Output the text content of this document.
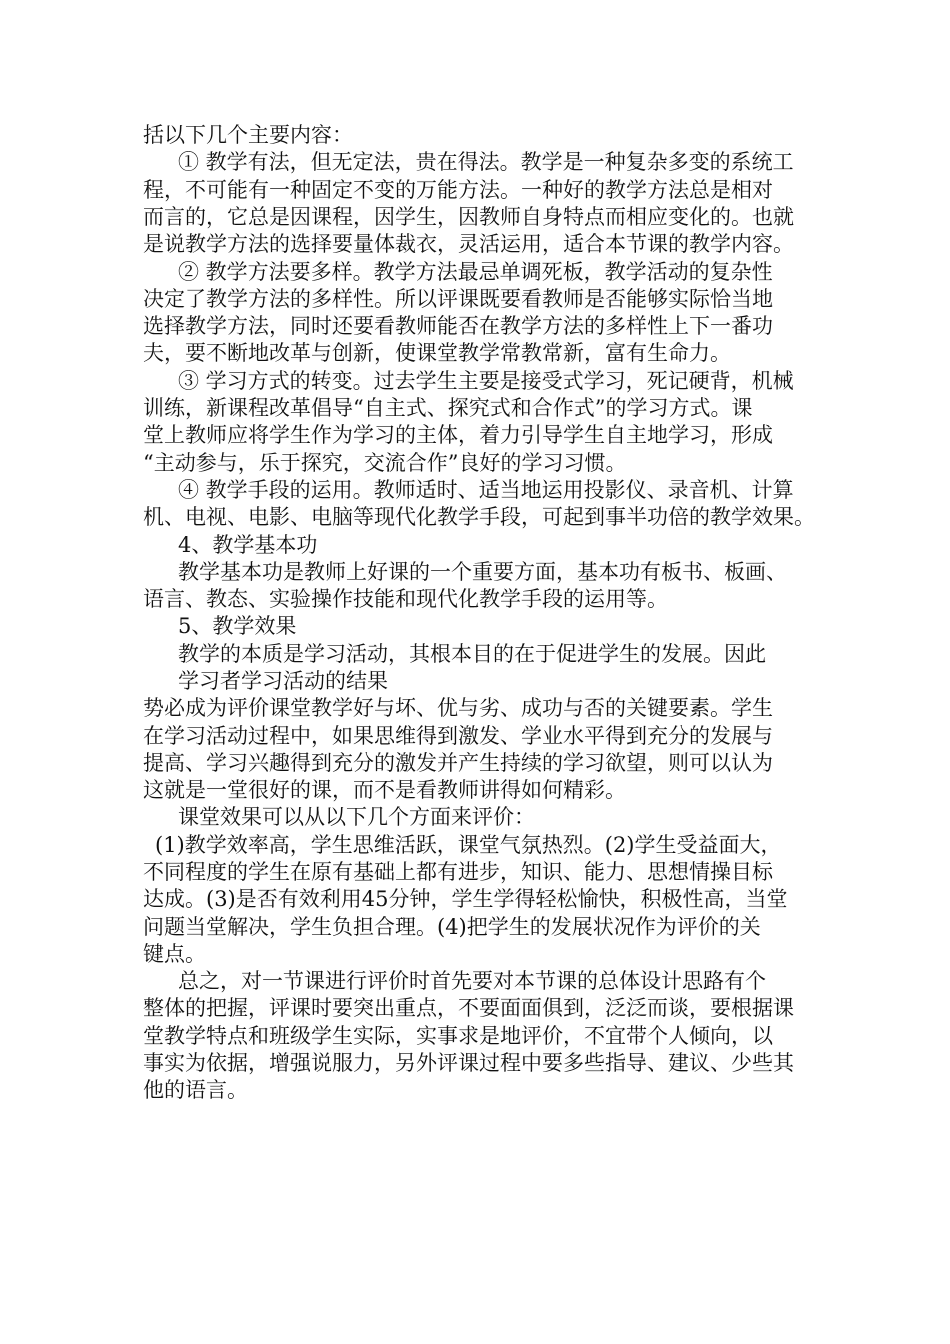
括以下几个主要内容：
① 教学有法，但无定法，贵在得法。教学是一种复杂多变的系统工
程，不可能有一种固定不变的万能方法。一种好的教学方法总是相对
而言的，它总是因课程，因学生，因教师自身特点而相应变化的。也就
是说教学方法的选择要量体裁衣，灵活运用，适合本节课的教学内容。
② 教学方法要多样。教学方法最忌单调死板，教学活动的复杂性
决定了教学方法的多样性。所以评课既要看教师是否能够实际恰当地
选择教学方法，同时还要看教师能否在教学方法的多样性上下一番功
夫，要不断地改革与创新，使课堂教学常教常新，富有生命力。
③ 学习方式的转变。过去学生主要是接受式学习，死记硬背，机械
训练，新课程改革倡导“自主式、探究式和合作式”的学习方式。课
堂上教师应将学生作为学习的主体，着力引导学生自主地学习，形成
“主动参与，乐于探究，交流合作”良好的学习习惯。
④ 教学手段的运用。教师适时、适当地运用投影仪、录音机、计算
机、电视、电影、电脑等现代化教学手段，可起到事半功倍的教学效果。
4、教学基本功
教学基本功是教师上好课的一个重要方面，基本功有板书、板画、
语言、教态、实验操作技能和现代化教学手段的运用等。
5、教学效果
教学的本质是学习活动，其根本目的在于促进学生的发展。因此
学习者学习活动的结果
势必成为评价课堂教学好与坏、优与劣、成功与否的关键要素。学生
在学习活动过程中，如果思维得到激发、学业水平得到充分的发展与
提高、学习兴趣得到充分的激发并产生持续的学习欲望，则可以认为
这就是一堂很好的课，而不是看教师讲得如何精彩。
课堂效果可以从以下几个方面来评价：
(1)教学效率高，学生思维活跃，课堂气氛热烈。(2)学生受益面大，
不同程度的学生在原有基础上都有进步，知识、能力、思想情操目标
达成。(3)是否有效利用45分钟，学生学得轻松愉快，积极性高，当堂
问题当堂解决，学生负担合理。(4)把学生的发展状况作为评价的关
键点。
总之，对一节课进行评价时首先要对本节课的总体设计思路有个
整体的把握，评课时要突出重点，不要面面俱到，泛泛而谈，要根据课
堂教学特点和班级学生实际，实事求是地评价，不宜带个人倾向，以
事实为依据，增强说服力，另外评课过程中要多些指导、建议、少些其
他的语言。
